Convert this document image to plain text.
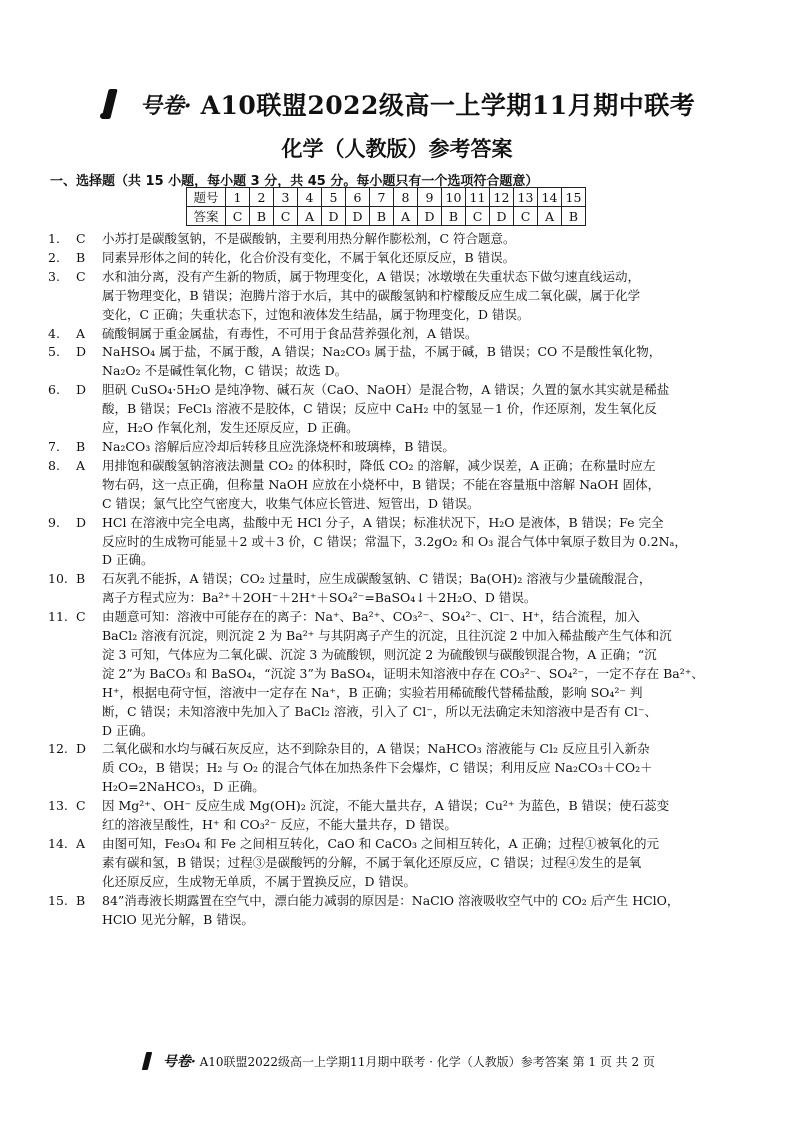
号卷· A10联盟2022级高一上学期11月期中联考
化学（人教版）参考答案
一、选择题（共 15 小题，每小题 3 分，共 45 分。每小题只有一个选项符合题意）
题号	1	2	3	4	5	6	7	8	9	10	11	12	13	14	15
答案	C	B	C	A	D	D	B	A	D	B	C	D	C	A	B
1.	C	小苏打是碳酸氢钠，不是碳酸钠，主要利用热分解作膨松剂，C 符合题意。
2.	B	同素异形体之间的转化，化合价没有变化，不属于氧化还原反应，B 错误。
3.	C	水和油分离，没有产生新的物质，属于物理变化，A 错误；冰墩墩在失重状态下做匀速直线运动，
属于物理变化，B 错误；泡腾片溶于水后，其中的碳酸氢钠和柠檬酸反应生成二氧化碳，属于化学
变化，C 正确；失重状态下，过饱和液体发生结晶，属于物理变化，D 错误。
4.	A	硫酸铜属于重金属盐，有毒性，不可用于食品营养强化剂，A 错误。
5.	D	NaHSO₄ 属于盐，不属于酸，A 错误；Na₂CO₃ 属于盐，不属于碱，B 错误；CO 不是酸性氧化物，
Na₂O₂ 不是碱性氧化物，C 错误；故选 D。
6.	D	胆矾 CuSO₄·5H₂O 是纯净物、碱石灰（CaO、NaOH）是混合物，A 错误；久置的氯水其实就是稀盐
酸，B 错误；FeCl₃ 溶液不是胶体，C 错误；反应中 CaH₂ 中的氢显－1 价，作还原剂，发生氧化反
应，H₂O 作氧化剂，发生还原反应，D 正确。
7.	B	Na₂CO₃ 溶解后应冷却后转移且应洗涤烧杯和玻璃棒，B 错误。
8.	A	用排饱和碳酸氢钠溶液法测量 CO₂ 的体积时，降低 CO₂ 的溶解，减少误差，A 正确；在称量时应左
物右码，这一点正确，但称量 NaOH 应放在小烧杯中，B 错误；不能在容量瓶中溶解 NaOH 固体，
C 错误；氯气比空气密度大，收集气体应长管进、短管出，D 错误。
9.	D	HCl 在溶液中完全电离，盐酸中无 HCl 分子，A 错误；标准状况下，H₂O 是液体，B 错误；Fe 完全
反应时的生成物可能显＋2 或＋3 价，C 错误；常温下，3.2gO₂ 和 O₃ 混合气体中氧原子数目为 0.2Nₐ，
D 正确。
10. B	石灰乳不能拆，A 错误；CO₂ 过量时，应生成碳酸氢钠、C 错误；Ba(OH)₂ 溶液与少量硫酸混合，
离子方程式应为：Ba²⁺＋2OH⁻＋2H⁺＋SO₄²⁻=BaSO₄↓＋2H₂O、D 错误。
11. C	由题意可知：溶液中可能存在的离子：Na⁺、Ba²⁺、CO₃²⁻、SO₄²⁻、Cl⁻、H⁺，结合流程，加入
BaCl₂ 溶液有沉淀，则沉淀 2 为 Ba²⁺ 与其阴离子产生的沉淀，且往沉淀 2 中加入稀盐酸产生气体和沉
淀 3 可知，气体应为二氧化碳、沉淀 3 为硫酸钡，则沉淀 2 为硫酸钡与碳酸钡混合物，A 正确；“沉
淀 2”为 BaCO₃ 和 BaSO₄，“沉淀 3”为 BaSO₄，证明未知溶液中存在 CO₃²⁻、SO₄²⁻，一定不存在 Ba²⁺、
H⁺，根据电荷守恒，溶液中一定存在 Na⁺，B 正确；实验若用稀硫酸代替稀盐酸，影响 SO₄²⁻ 判
断，C 错误；未知溶液中先加入了 BaCl₂ 溶液，引入了 Cl⁻，所以无法确定未知溶液中是否有 Cl⁻、
D 正确。
12. D	二氧化碳和水均与碱石灰反应，达不到除杂目的，A 错误；NaHCO₃ 溶液能与 Cl₂ 反应且引入新杂
质 CO₂，B 错误；H₂ 与 O₂ 的混合气体在加热条件下会爆炸，C 错误；利用反应 Na₂CO₃＋CO₂＋
H₂O=2NaHCO₃，D 正确。
13. C	因 Mg²⁺、OH⁻ 反应生成 Mg(OH)₂ 沉淀，不能大量共存，A 错误；Cu²⁺ 为蓝色，B 错误；使石蕊变
红的溶液呈酸性，H⁺ 和 CO₃²⁻ 反应，不能大量共存，D 错误。
14. A	由图可知，Fe₃O₄ 和 Fe 之间相互转化，CaO 和 CaCO₃ 之间相互转化，A 正确；过程①被氧化的元
素有碳和氢，B 错误；过程③是碳酸钙的分解，不属于氧化还原反应，C 错误；过程④发生的是氧
化还原反应，生成物无单质，不属于置换反应，D 错误。
15. B	84”消毒液长期露置在空气中，漂白能力减弱的原因是：NaClO 溶液吸收空气中的 CO₂ 后产生 HClO，
HClO 见光分解，B 错误。
号卷· A10联盟2022级高一上学期11月期中联考 · 化学（人教版）参考答案 第 1 页 共 2 页
